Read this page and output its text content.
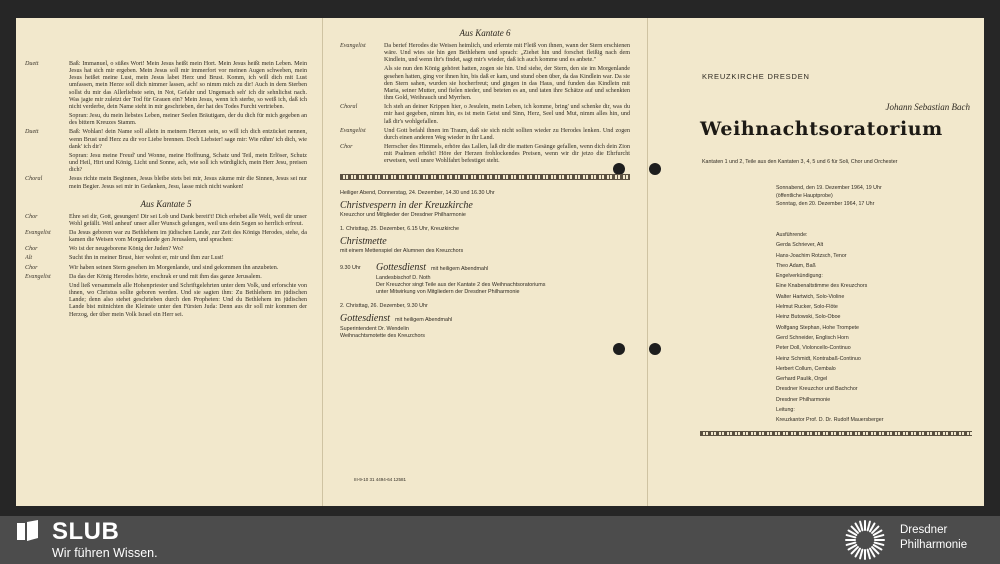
Duett	Baß: Immanuel, o süßes Wort! Mein Jesus heißt mein Hort. Mein Jesus heißt mein Leben. Mein Jesus hat sich mir ergeben. Mein Jesus soll mir immerfort vor meinen Augen schweben, mein Jesus heißet meine Lust, mein Jesus labet Herz und Brust. Komm, ich will dich mit Lust umfassen, mein Herze soll dich nimmer lassen, ach! so nimm mich zu dir! Auch in dem Sterben sollst du mir das Allerliebste sein, in Not, Gefahr und Ungemach seh' ich dir sehnlichst nach. Was jagte mir zuletzt der Tod für Grauen ein? Mein Jesus, wenn ich sterbe, so weiß ich, daß ich nicht verderbe, dein Name steht in mir geschrieben, der hat des Todes Furcht vertrieben.
Sopran: Jesu, du mein liebstes Leben, meiner Seelen Bräutigam, der du dich für mich gegeben an des bittern Kreuzes Stamm.
Duett	Baß: Wohlan! dein Name soll allein in meinem Herzen sein, so will ich dich entzücket nennen, wenn Brust und Herz zu dir vor Liebe brennen. Doch Liebster! sage mir: Wie rühm' ich dich, wie dank' ich dir?
Sopran: Jesu meine Freud' und Wonne, meine Hoffnung, Schatz und Teil, mein Erlöser, Schutz und Heil, Hirt und König, Licht und Sonne, ach, wie soll ich würdiglich, mein Herr Jesu, preisen dich?
Choral	Jesus richte mein Beginnen, Jesus bleibe stets bei mir, Jesus zäume mir die Sinnen, Jesus sei nur mein Begier. Jesus sei mir in Gedanken, Jesu, lasse mich nicht wanken!
Aus Kantate 5
Chor	Ehre sei dir, Gott, gesungen! Dir sei Lob und Dank bereit't! Dich erhebet alle Welt, weil dir unser Wohl gefällt. Weil anheut' unser aller Wunsch gelungen, weil uns dein Segen so herrlich erfreut.
Evangelist	Da Jesus geboren war zu Bethlehem im jüdischen Lande, zur Zeit des Königs Herodes, siehe, da kamen die Weisen vom Morgenlande gen Jerusalem, und sprachen:
Chor	Wo ist der neugeborene König der Juden? Wo?
Alt	Sucht ihn in meiner Brust, hier wohnt er, mir und ihm zur Lust!
Chor	Wir haben seinen Stern gesehen im Morgenlande, und sind gekommen ihn anzubeten.
Evangelist	Da das der König Herodes hörte, erschrak er und mit ihm das ganze Jerusalem.
Und ließ versammeln alle Hohenpriester und Schriftgelehrten unter dem Volk, und erforschte von ihnen, wo Christus sollte geboren werden. Und sie sagten ihm: Zu Bethlehem im jüdischen Lande; denn also stehet geschrieben durch den Propheten: Und du Bethlehem im jüdischen Lande bist mitnichten die Kleinste unter den Fürsten Juda: Denn aus dir soll mir kommen der Herzog, der über mein Volk Israel ein Herr sei.
Aus Kantate 6
Evangelist	Da berief Herodes die Weisen heimlich, und erlernte mit Fleiß von ihnen, wann der Stern erschienen wäre. Und wies sie hin gen Bethlehem und sprach: „Ziehet hin und forschet fleißig nach dem Kindlein, und wenn ihr's findet, sagt mir's wieder, daß ich auch komme und es anbete."
Als sie nun den König gehöret hatten, zogen sie hin. Und siehe, der Stern, den sie im Morgenlande gesehen hatten, ging vor ihnen hin, bis daß er kam, und stund oben über, da das Kindlein war. Da sie den Stern sahen, wurden sie hocherfreut; und gingen in das Haus, und funden das Kindlein mit Maria, seiner Mutter, und fielen nieder, und beteten es an, und taten ihre Schätze auf und schenkten ihm Gold, Weihrauch und Myrrhen.
Choral	Ich steh an deiner Krippen hier, o Jesulein, mein Leben, ich komme, bring' und schenke dir, was du mir hast gegeben, nimm hin, es ist mein Geist und Sinn, Herz, Seel und Mut, nimm alles hin, und laß dir's wohlgefallen.
Evangelist	Und Gott befahl ihnen im Traum, daß sie sich nicht sollten wieder zu Herodes lenken. Und zogen durch einen anderen Weg wieder in ihr Land.
Chor	Herrscher des Himmels, erhöre das Lallen, laß dir die matten Gesänge gefallen, wenn dich dein Zion mit Psalmen erhöht! Höre der Herzen frohlockendes Preisen, wenn wir dir jetzo die Ehrfurcht erweisen, weil unsre Wohlfahrt befestiget steht.
Heiliger Abend, Donnerstag, 24. Dezember, 14.30 und 16.30 Uhr
Christvespern in der Kreuzkirche
Kreuzchor und Mitglieder der Dresdner Philharmonie
1. Christtag, 25. Dezember, 6.15 Uhr, Kreuzkirche
Christmette
mit einem Mettenspiel der Alumnen des Kreuzchors
9.30 Uhr	Gottesdienst mit heiligem Abendmahl
Landesbischof D. Noth
Der Kreuzchor singt Teile aus der Kantate 2 des Weihnachtsoratoriums
unter Mitwirkung von Mitgliedern der Dresdner Philharmonie
2. Christtag, 26. Dezember, 9.30 Uhr
Gottesdienst mit heiligem Abendmahl
Superintendent Dr. Wendelin
Weihnachtsmotette des Kreuzchors
III-9-10 31 4494-64 12581
KREUZKIRCHE DRESDEN
Johann Sebastian Bach
Weihnachtsoratorium
Kantaten 1 und 2, Teile aus den Kantaten 3, 4, 5 und 6 für Soli, Chor und Orchester
Sonnabend, den 19. Dezember 1964, 19 Uhr
(öffentliche Hauptprobe)
Sonntag, den 20. Dezember 1964, 17 Uhr
Ausführende:
Gerda Schriever, Alt
Hans-Joachim Rotzsch, Tenor
Theo Adam, Baß
Engelverkündigung:
Eine Knabenaltstimme des Kreuzchors
Walter Hartwich, Solo-Violine
Helmut Rucker, Solo-Flöte
Heinz Butowski, Solo-Oboe
Wolfgang Stephan, Hohe Trompete
Gerd Schneider, Englisch Horn
Peter Doll, Violoncello-Continuo
Heinz Schmidt, Kontrabaß-Continuo
Herbert Collum, Cembalo
Gerhard Paulik, Orgel
Dresdner Kreuzchor und Bachchor
Dresdner Philharmonie
Leitung:
Kreuzkantor Prof. D. Dr. Rudolf Mauersberger
SLUB
Wir führen Wissen.
Dresdner
Philharmonie
